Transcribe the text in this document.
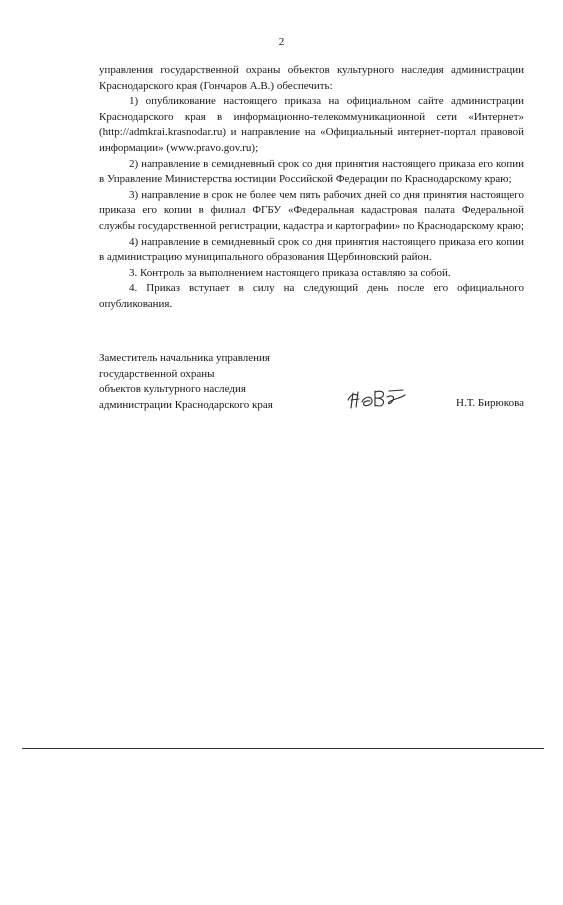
2

управления государственной охраны объектов культурного наследия администрации Краснодарского края (Гончаров А.В.) обеспечить:

1) опубликование настоящего приказа на официальном сайте администрации Краснодарского края в информационно-телекоммуникационной сети «Интернет» (http://admkrai.krasnodar.ru) и направление на «Официальный интернет-портал правовой информации» (www.pravo.gov.ru);

2) направление в семидневный срок со дня принятия настоящего приказа его копии в Управление Министерства юстиции Российской Федерации по Краснодарскому краю;

3) направление в срок не более чем пять рабочих дней со дня принятия настоящего приказа его копии в филиал ФГБУ «Федеральная кадастровая палата Федеральной службы государственной регистрации, кадастра и картографии» по Краснодарскому краю;

4) направление в семидневный срок со дня принятия настоящего приказа его копии в администрацию муниципального образования Щербиновский район.

3. Контроль за выполнением настоящего приказа оставляю за собой.

4. Приказ вступает в силу на следующий день после его официального опубликования.

Заместитель начальника управления
государственной охраны
объектов культурного наследия
администрации Краснодарского края	Н.Т. Бирюкова
